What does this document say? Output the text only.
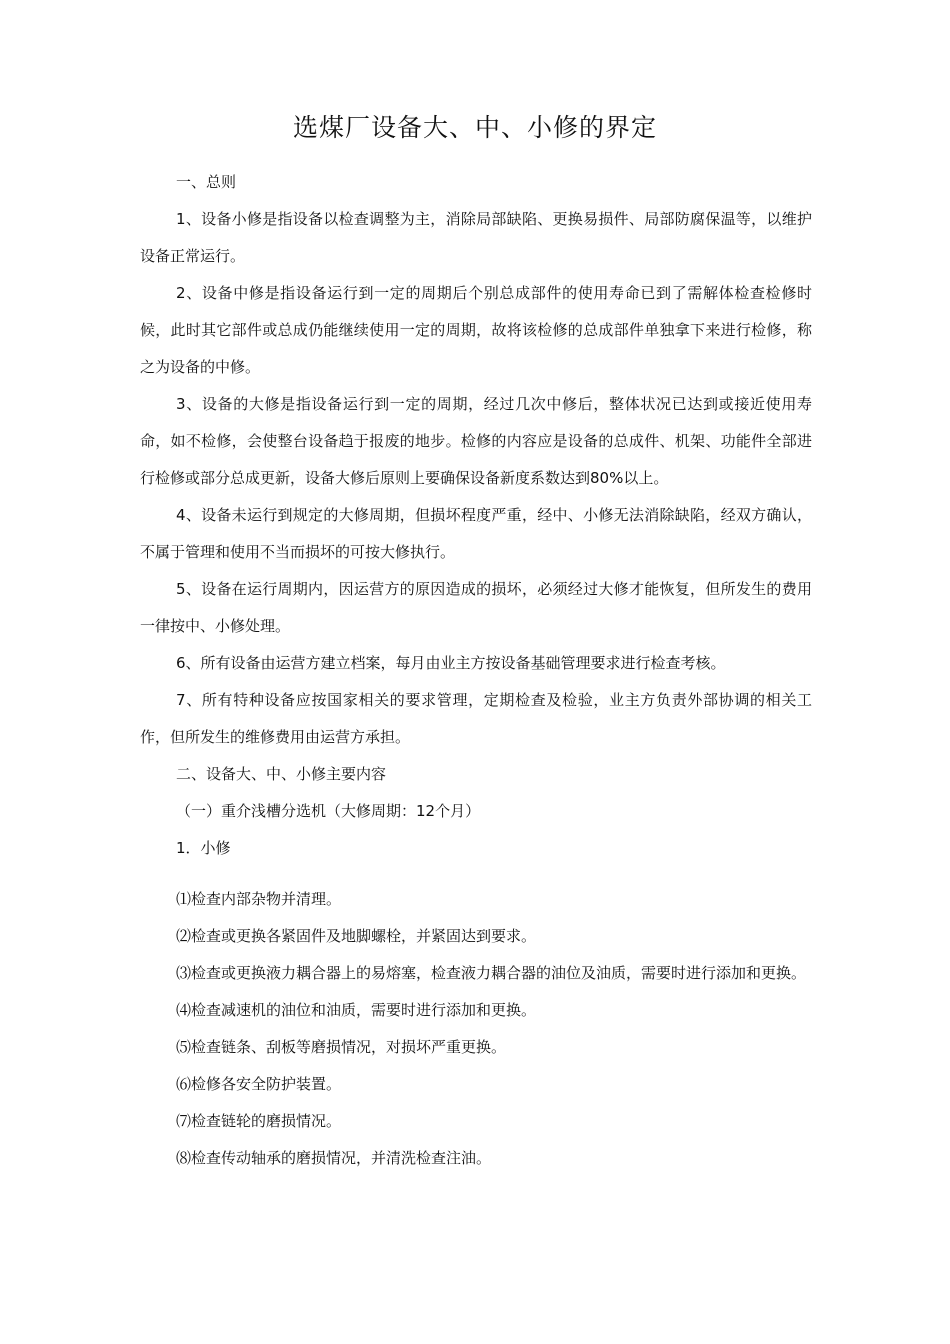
选煤厂设备大、中、小修的界定

一、总则

1、设备小修是指设备以检查调整为主，消除局部缺陷、更换易损件、局部防腐保温等，以维护设备正常运行。

2、设备中修是指设备运行到一定的周期后个别总成部件的使用寿命已到了需解体检查检修时候，此时其它部件或总成仍能继续使用一定的周期，故将该检修的总成部件单独拿下来进行检修，称之为设备的中修。

3、设备的大修是指设备运行到一定的周期，经过几次中修后，整体状况已达到或接近使用寿命，如不检修，会使整台设备趋于报废的地步。检修的内容应是设备的总成件、机架、功能件全部进行检修或部分总成更新，设备大修后原则上要确保设备新度系数达到80%以上。

4、设备未运行到规定的大修周期，但损坏程度严重，经中、小修无法消除缺陷，经双方确认，不属于管理和使用不当而损坏的可按大修执行。

5、设备在运行周期内，因运营方的原因造成的损坏，必须经过大修才能恢复，但所发生的费用一律按中、小修处理。

6、所有设备由运营方建立档案，每月由业主方按设备基础管理要求进行检查考核。

7、所有特种设备应按国家相关的要求管理，定期检查及检验，业主方负责外部协调的相关工作，但所发生的维修费用由运营方承担。

二、设备大、中、小修主要内容

（一）重介浅槽分选机（大修周期：12个月）

1．小修

⑴检查内部杂物并清理。

⑵检查或更换各紧固件及地脚螺栓，并紧固达到要求。

⑶检查或更换液力耦合器上的易熔塞，检查液力耦合器的油位及油质，需要时进行添加和更换。

⑷检查减速机的油位和油质，需要时进行添加和更换。

⑸检查链条、刮板等磨损情况，对损坏严重更换。

⑹检修各安全防护装置。

⑺检查链轮的磨损情况。

⑻检查传动轴承的磨损情况，并清洗检查注油。
